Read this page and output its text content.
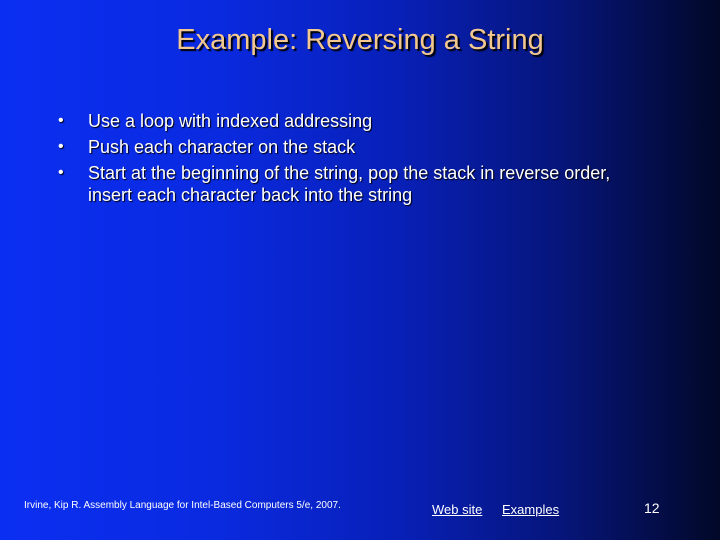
Example: Reversing a String
•	Use a loop with indexed addressing
•	Push each character on the stack
•	Start at the beginning of the string, pop the stack in reverse order, insert each character back into the string
Irvine, Kip R. Assembly Language for Intel-Based Computers 5/e, 2007.	Web site Examples	12
